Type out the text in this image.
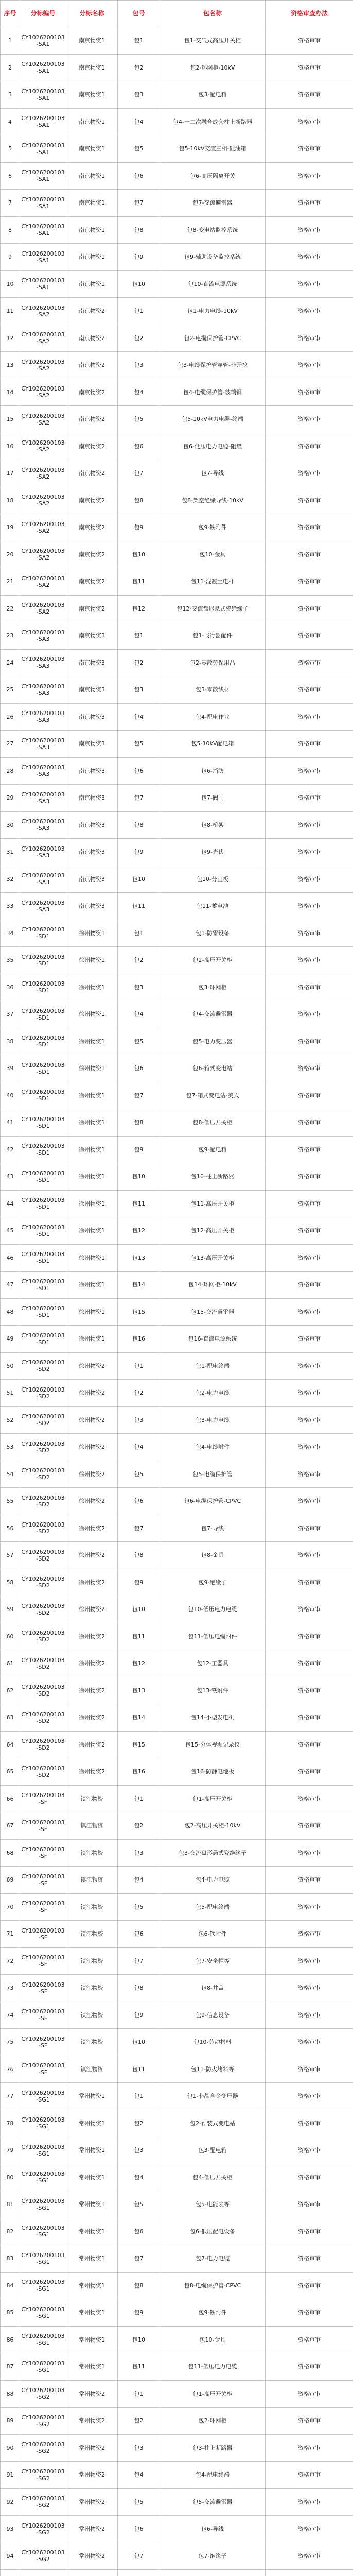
序号	分标编号	分标名称	包号	包名称	资格审查办法
1	CY1026200103-SA1	南京物资1	包1	包1-交气式高压开关柜	资格审审
2	CY1026200103-SA1	南京物资1	包2	包2-环网柜-10kV	资格审审
3	CY1026200103-SA1	南京物资1	包3	包3-配电箱	资格审审
4	CY1026200103-SA1	南京物资1	包4	包4-一二次融合成套柱上断路器	资格审审
5	CY1026200103-SA1	南京物资1	包5	包5-10kV交流三相-硅油箱	资格审审
6	CY1026200103-SA1	南京物资1	包6	包6-高压隔离开关	资格审审
7	CY1026200103-SA1	南京物资1	包7	包7-交流避雷器	资格审审
8	CY1026200103-SA1	南京物资1	包8	包8-变电站监控系统	资格审审
9	CY1026200103-SA1	南京物资1	包9	包9-辅助设备监控系统	资格审审
10	CY1026200103-SA1	南京物资1	包10	包10-直流电源系统	资格审审
11	CY1026200103-SA2	南京物资2	包1	包1-电力电缆-10kV	资格审审
12	CY1026200103-SA2	南京物资2	包2	包2-电缆保护管-CPVC	资格审审
13	CY1026200103-SA2	南京物资2	包3	包3-电缆保护管穿管-非开挖	资格审审
14	CY1026200103-SA2	南京物资2	包4	包4-电缆保护管-玻璃钢	资格审审
15	CY1026200103-SA2	南京物资2	包5	包5-10kV电力电缆-终端	资格审审
16	CY1026200103-SA2	南京物资2	包6	包6-低压电力电缆-阻燃	资格审审
17	CY1026200103-SA2	南京物资2	包7	包7-导线	资格审审
18	CY1026200103-SA2	南京物资2	包8	包8-架空绝缘导线-10kV	资格审审
19	CY1026200103-SA2	南京物资2	包9	包9-铁附件	资格审审
20	CY1026200103-SA2	南京物资2	包10	包10-金具	资格审审
21	CY1026200103-SA2	南京物资2	包11	包11-混凝土电杆	资格审审
22	CY1026200103-SA2	南京物资2	包12	包12-交流盘形悬式瓷绝缘子	资格审审
23	CY1026200103-SA3	南京物资3	包1	包1-飞行器配件	资格审审
24	CY1026200103-SA3	南京物资3	包2	包2-零散劳保用品	资格审审
25	CY1026200103-SA3	南京物资3	包3	包3-零散线材	资格审审
26	CY1026200103-SA3	南京物资3	包4	包4-配电作业	资格审审
27	CY1026200103-SA3	南京物资3	包5	包5-10kV配电箱	资格审审
28	CY1026200103-SA3	南京物资3	包6	包6-消防	资格审审
29	CY1026200103-SA3	南京物资3	包7	包7-阀门	资格审审
30	CY1026200103-SA3	南京物资3	包8	包8-桥架	资格审审
31	CY1026200103-SA3	南京物资3	包9	包9-光伏	资格审审
32	CY1026200103-SA3	南京物资3	包10	包10-分宜板	资格审审
33	CY1026200103-SA3	南京物资3	包11	包11-蓄电池	资格审审
34	CY1026200103-SD1	徐州物资1	包1	包1-防雷设备	资格审审
35	CY1026200103-SD1	徐州物资1	包2	包2-高压开关柜	资格审审
36	CY1026200103-SD1	徐州物资1	包3	包3-环网柜	资格审审
37	CY1026200103-SD1	徐州物资1	包4	包4-交流避雷器	资格审审
38	CY1026200103-SD1	徐州物资1	包5	包5-电力变压器	资格审审
39	CY1026200103-SD1	徐州物资1	包6	包6-箱式变电站	资格审审
40	CY1026200103-SD1	徐州物资1	包7	包7-箱式变电站-美式	资格审审
41	CY1026200103-SD1	徐州物资1	包8	包8-低压开关柜	资格审审
42	CY1026200103-SD1	徐州物资1	包9	包9-配电箱	资格审审
43	CY1026200103-SD1	徐州物资1	包10	包10-柱上断路器	资格审审
44	CY1026200103-SD1	徐州物资1	包11	包11-高压开关柜	资格审审
45	CY1026200103-SD1	徐州物资1	包12	包12-高压开关柜	资格审审
46	CY1026200103-SD1	徐州物资1	包13	包13-高压开关柜	资格审审
47	CY1026200103-SD1	徐州物资1	包14	包14-环网柜-10kV	资格审审
48	CY1026200103-SD1	徐州物资1	包15	包15-交流避雷器	资格审审
49	CY1026200103-SD1	徐州物资1	包16	包16-直流电源系统	资格审审
50	CY1026200103-SD2	徐州物资2	包1	包1-配电终端	资格审审
51	CY1026200103-SD2	徐州物资2	包2	包2-电力电缆	资格审审
52	CY1026200103-SD2	徐州物资2	包3	包3-电力电缆	资格审审
53	CY1026200103-SD2	徐州物资2	包4	包4-电缆附件	资格审审
54	CY1026200103-SD2	徐州物资2	包5	包5-电缆保护管	资格审审
55	CY1026200103-SD2	徐州物资2	包6	包6-电缆保护管-CPVC	资格审审
56	CY1026200103-SD2	徐州物资2	包7	包7-导线	资格审审
57	CY1026200103-SD2	徐州物资2	包8	包8-金具	资格审审
58	CY1026200103-SD2	徐州物资2	包9	包9-绝缘子	资格审审
59	CY1026200103-SD2	徐州物资2	包10	包10-低压电力电缆	资格审审
60	CY1026200103-SD2	徐州物资2	包11	包11-低压电缆附件	资格审审
61	CY1026200103-SD2	徐州物资2	包12	包12-工器具	资格审审
62	CY1026200103-SD2	徐州物资2	包13	包13-铁附件	资格审审
63	CY1026200103-SD2	徐州物资2	包14	包14-小型发电机	资格审审
64	CY1026200103-SD2	徐州物资2	包15	包15-分体视频记录仪	资格审审
65	CY1026200103-SD2	徐州物资2	包16	包16-防静电地板	资格审审
66	CY1026200103-SF	镇江物资	包1	包1-高压开关柜	资格审审
67	CY1026200103-SF	镇江物资	包2	包2-高压开关柜-10kV	资格审审
68	CY1026200103-SF	镇江物资	包3	包3-交流盘形悬式瓷绝缘子	资格审审
69	CY1026200103-SF	镇江物资	包4	包4-电力电缆	资格审审
70	CY1026200103-SF	镇江物资	包5	包5-配电终端	资格审审
71	CY1026200103-SF	镇江物资	包6	包6-铁附件	资格审审
72	CY1026200103-SF	镇江物资	包7	包7-安全帽等	资格审审
73	CY1026200103-SF	镇江物资	包8	包8-井盖	资格审审
74	CY1026200103-SF	镇江物资	包9	包9-信息设备	资格审审
75	CY1026200103-SF	镇江物资	包10	包10-劳动材料	资格审审
76	CY1026200103-SF	镇江物资	包11	包11-防火堵料等	资格审审
77	CY1026200103-SG1	常州物资1	包1	包1-非晶合金变压器	资格审审
78	CY1026200103-SG1	常州物资1	包2	包2-预装式变电站	资格审审
79	CY1026200103-SG1	常州物资1	包3	包3-配电箱	资格审审
80	CY1026200103-SG1	常州物资1	包4	包4-低压开关柜	资格审审
81	CY1026200103-SG1	常州物资1	包5	包5-电能表等	资格审审
82	CY1026200103-SG1	常州物资1	包6	包6-低压配电设备	资格审审
83	CY1026200103-SG1	常州物资1	包7	包7-电力电缆	资格审审
84	CY1026200103-SG1	常州物资1	包8	包8-电缆保护管-CPVC	资格审审
85	CY1026200103-SG1	常州物资1	包9	包9-铁附件	资格审审
86	CY1026200103-SG1	常州物资1	包10	包10-金具	资格审审
87	CY1026200103-SG1	常州物资1	包11	包11-低压电力电缆	资格审审
88	CY1026200103-SG2	常州物资2	包1	包1-高压开关柜	资格审审
89	CY1026200103-SG2	常州物资2	包2	包2-环网柜	资格审审
90	CY1026200103-SG2	常州物资2	包3	包3-柱上断路器	资格审审
91	CY1026200103-SG2	常州物资2	包4	包4-配电终端	资格审审
92	CY1026200103-SG2	常州物资2	包5	包5-交流避雷器	资格审审
93	CY1026200103-SG2	常州物资2	包6	包6-导线	资格审审
94	CY1026200103-SG2	常州物资2	包7	包7-绝缘子	资格审审
